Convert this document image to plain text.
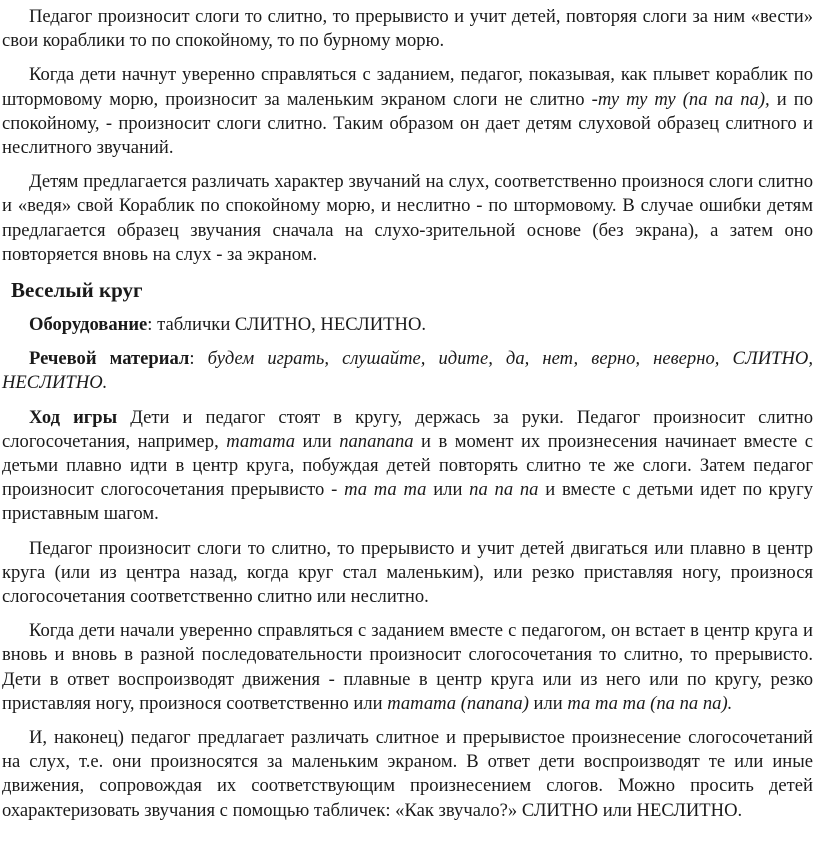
Педагог произносит слоги то слитно, то прерывисто и учит детей, повторяя слоги за ним «вести» свои кораблики то по спокойному, то по бурному морю.

Когда дети начнут уверенно справляться с заданием, педагог, показывая, как плывет кораблик по штормовому морю, произносит за маленьким экраном слоги не слитно -ту ту ту (па па па), и по спокойному, - произносит слоги слитно. Таким образом он дает детям слуховой образец слитного и неслитного звучаний.

Детям предлагается различать характер звучаний на слух, соответственно произнося слоги слитно и «ведя» свой Кораблик по спокойному морю, и неслитно - по штормовому. В случае ошибки детям предлагается образец звучания сначала на слухо-зрительной основе (без экрана), а затем оно повторяется вновь на слух - за экраном.

Веселый круг

Оборудование: таблички СЛИТНО, НЕСЛИТНО.

Речевой материал: будем играть, слушайте, идите, да, нет, верно, неверно, СЛИТНО, НЕСЛИТНО.

Ход игры Дети и педагог стоят в кругу, держась за руки. Педагог произносит слитно слогосочетания, например, татата или папапапа и в момент их произнесения начинает вместе с детьми плавно идти в центр круга, побуждая детей повторять слитно те же слоги. Затем педагог произносит слогосочетания прерывисто - та та та или па па па и вместе с детьми идет по кругу приставным шагом.

Педагог произносит слоги то слитно, то прерывисто и учит детей двигаться или плавно в центр круга (или из центра назад, когда круг стал маленьким), или резко приставляя ногу, произнося слогосочетания соответственно слитно или неслитно.

Когда дети начали уверенно справляться с заданием вместе с педагогом, он встает в центр круга и вновь и вновь в разной последовательности произносит слогосочетания то слитно, то прерывисто. Дети в ответ воспроизводят движения - плавные в центр круга или из него или по кругу, резко приставляя ногу, произнося соответственно или татата (папапа) или та та та (па па па).

И, наконец) педагог предлагает различать слитное и прерывистое произнесение слогосочетаний на слух, т.е. они произносятся за маленьким экраном. В ответ дети воспроизводят те или иные движения, сопровождая их соответствующим произнесением слогов. Можно просить детей охарактеризовать звучания с помощью табличек: «Как звучало?» СЛИТНО или НЕСЛИТНО.
